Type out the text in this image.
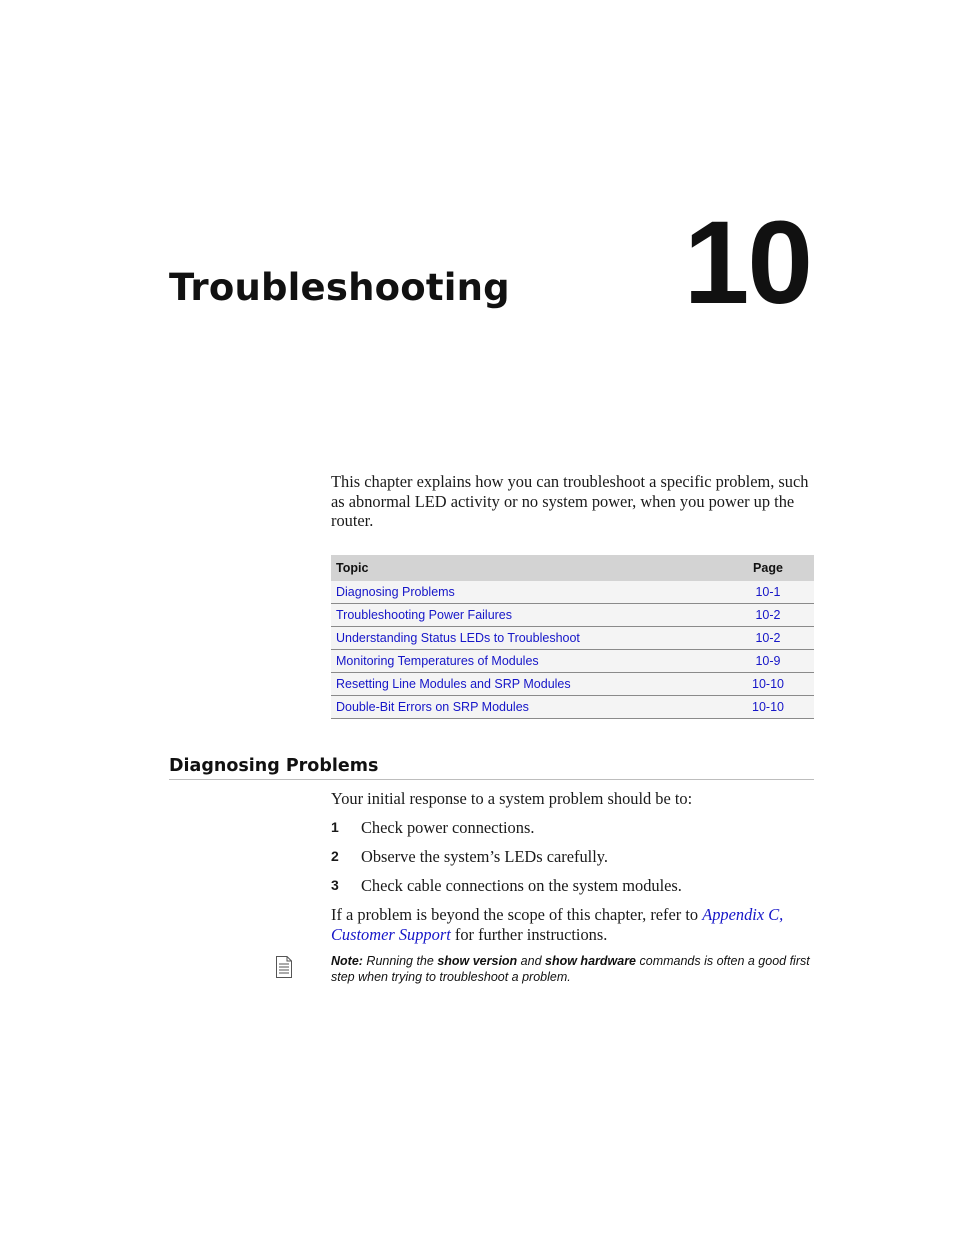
Troubleshooting 10

This chapter explains how you can troubleshoot a specific problem, such as abnormal LED activity or no system power, when you power up the router.

Topic	Page
Diagnosing Problems	10-1
Troubleshooting Power Failures	10-2
Understanding Status LEDs to Troubleshoot	10-2
Monitoring Temperatures of Modules	10-9
Resetting Line Modules and SRP Modules	10-10
Double-Bit Errors on SRP Modules	10-10
Diagnosing Problems

Your initial response to a system problem should be to:

1 Check power connections.
2 Observe the system’s LEDs carefully.
3 Check cable connections on the system modules.

If a problem is beyond the scope of this chapter, refer to Appendix C, Customer Support for further instructions.

Note: Running the show version and show hardware commands is often a good first step when trying to troubleshoot a problem.
